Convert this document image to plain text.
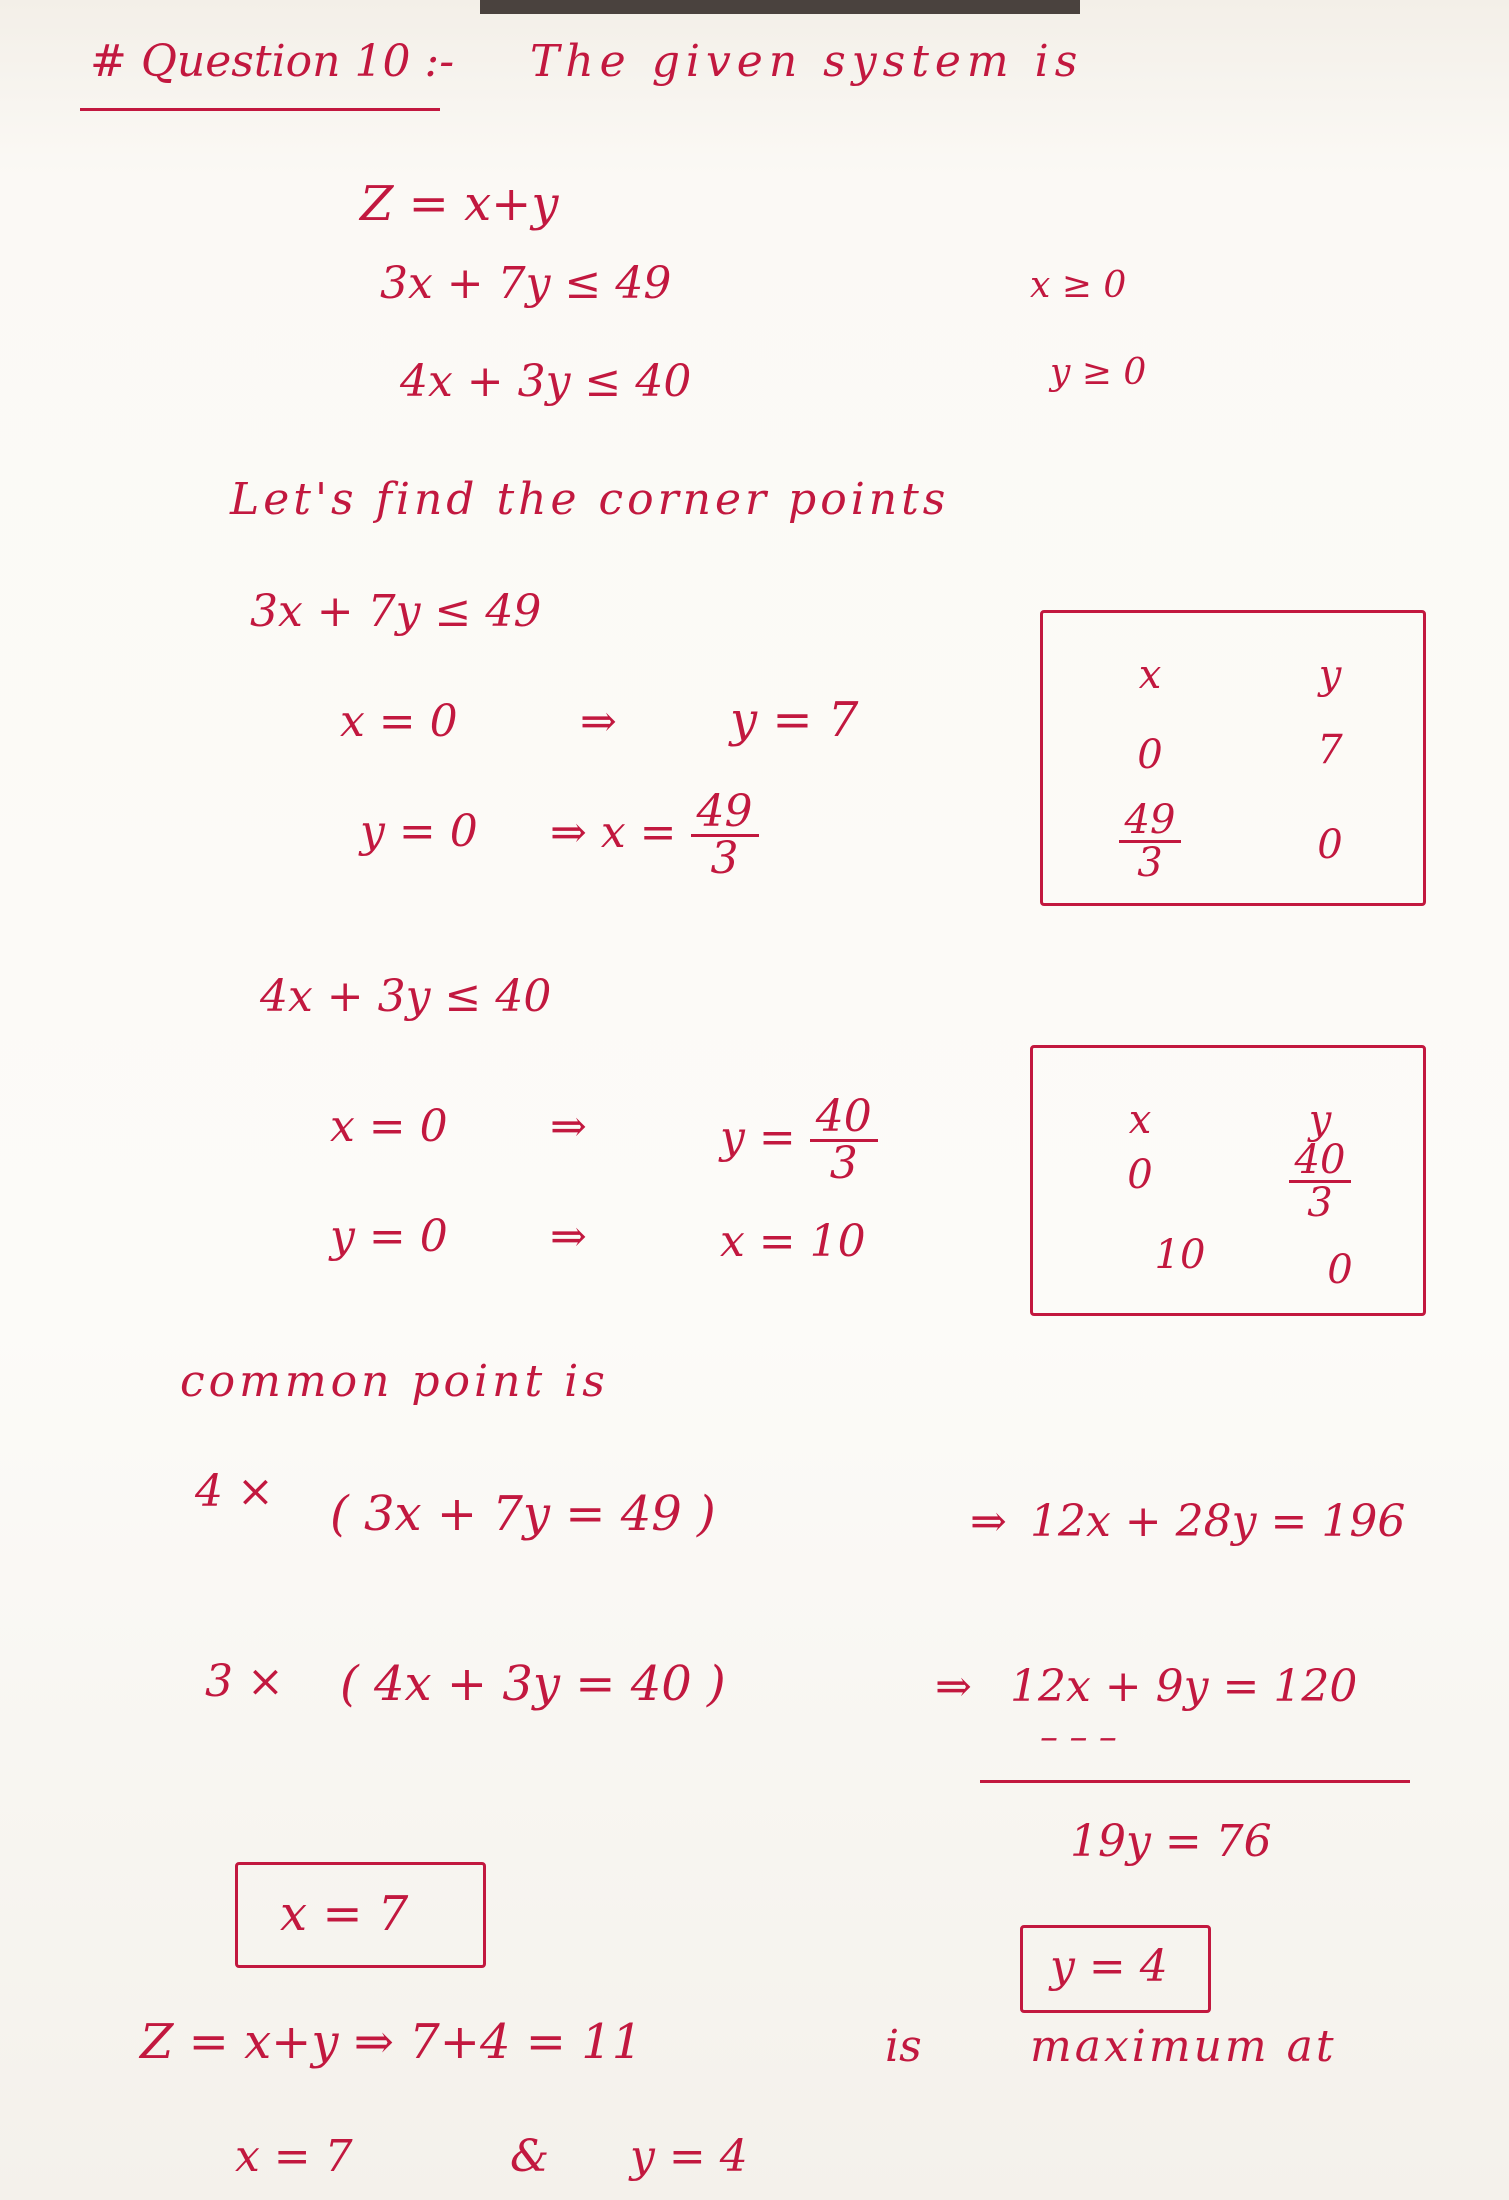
# Question 10 :- The given system is
Z = x+y
3x + 7y ≤ 49	x ≥ 0
4x + 3y ≤ 40	y ≥ 0
Let's find the corner points
3x + 7y ≤ 49
x = 0	⇒ y = 7
y = 0 ⇒ $x = \frac{49}{3}$
x	y
0	7
$\frac{49}{3}$	0
4x + 3y ≤ 40
x = 0 ⇒	$y = \frac{40}{3}$
y = 0 ⇒	x = 10
x	y
0	$\frac{40}{3}$
10	0
common point is
4 × ( 3x + 7y = 49 )	⇒ 12x + 28y = 196
3 × ( 4x + 3y = 40 )	⇒ 12x + 9y = 120
– – –
19y = 76
x = 7
y = 4
Z = x+y ⇒ 7+4 = 11	is maximum at
x = 7	& y = 4
